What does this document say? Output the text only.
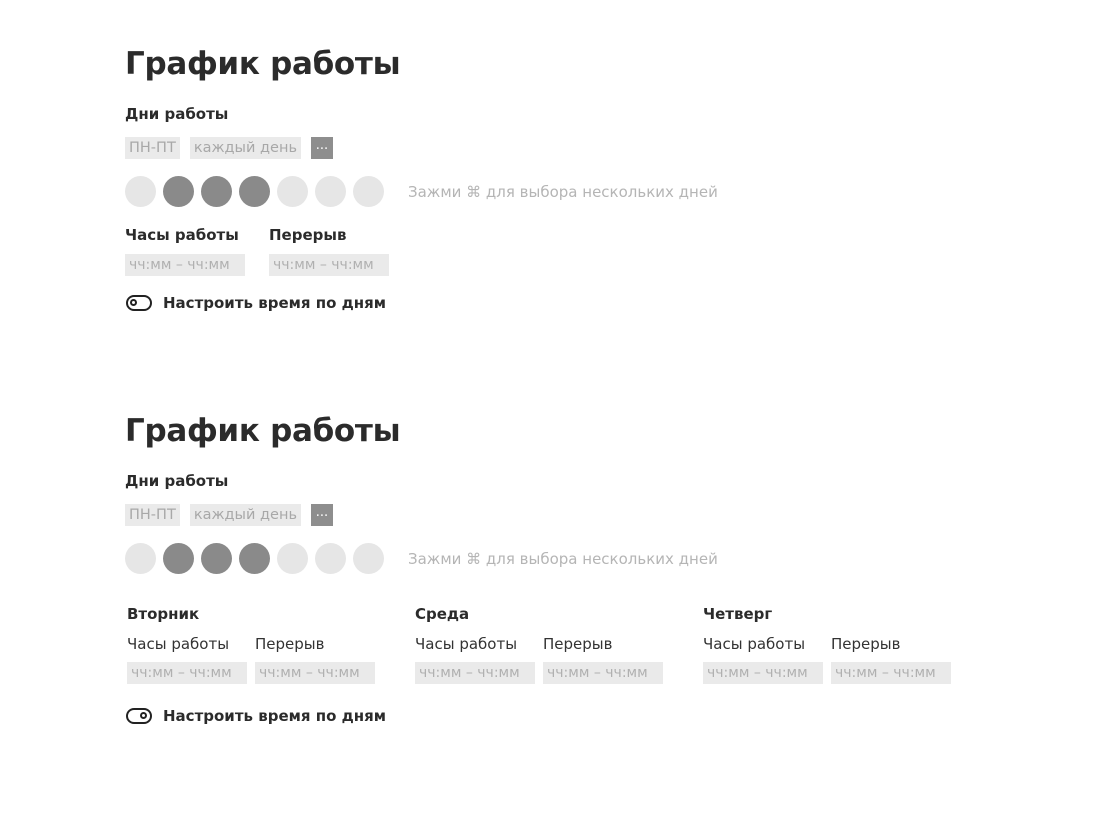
График работы
Дни работы
ПН-ПТ каждый день	...
Зажми ⌘ для выбора нескольких дней
Часы работы Перерыв
чч:мм – чч:мм	чч:мм – чч:мм
Настроить время по дням
График работы
Дни работы
ПН-ПТ каждый день	...
Зажми ⌘ для выбора нескольких дней
Вторник
Часы работы Перерыв
чч:мм – чч:мм	чч:мм – чч:мм
Среда
Часы работы Перерыв
чч:мм – чч:мм	чч:мм – чч:мм
Четверг
Часы работы Перерыв
чч:мм – чч:мм	чч:мм – чч:мм
Настроить время по дням
